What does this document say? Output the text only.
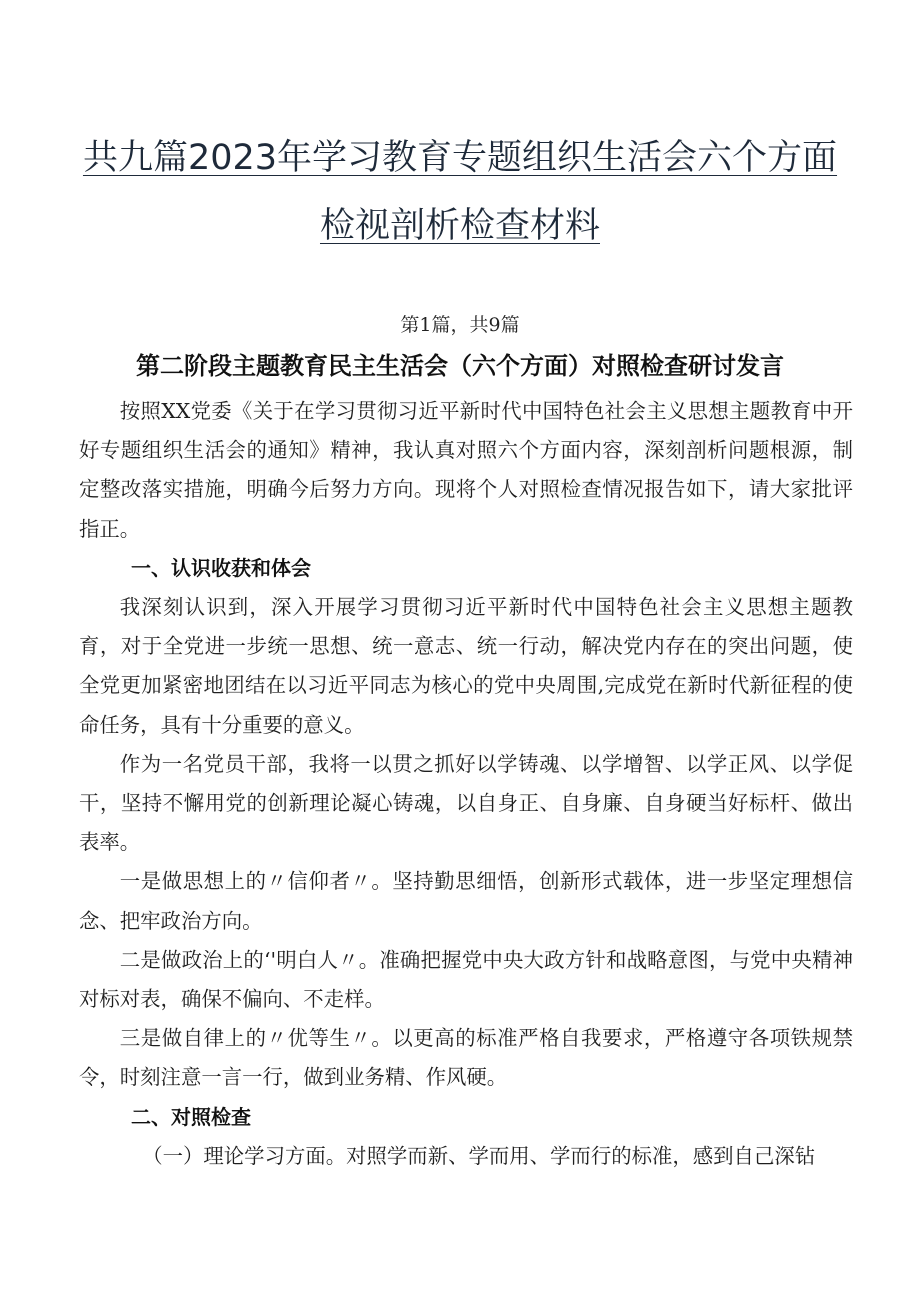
共九篇2023年学习教育专题组织生活会六个方面
检视剖析检查材料
第1篇，共9篇
第二阶段主题教育民主生活会（六个方面）对照检查研讨发言

按照XX党委《关于在学习贯彻习近平新时代中国特色社会主义思想主题教育中开好专题组织生活会的通知》精神，我认真对照六个方面内容，深刻剖析问题根源，制定整改落实措施，明确今后努力方向。现将个人对照检查情况报告如下，请大家批评指正。

一、认识收获和体会

我深刻认识到，深入开展学习贯彻习近平新时代中国特色社会主义思想主题教育，对于全党进一步统一思想、统一意志、统一行动，解决党内存在的突出问题，使全党更加紧密地团结在以习近平同志为核心的党中央周围,完成党在新时代新征程的使命任务，具有十分重要的意义。

作为一名党员干部，我将一以贯之抓好以学铸魂、以学增智、以学正风、以学促干，坚持不懈用党的创新理论凝心铸魂，以自身正、自身廉、自身硬当好标杆、做出表率。

一是做思想上的〃信仰者〃。坚持勤思细悟，创新形式载体，进一步坚定理想信念、把牢政治方向。

二是做政治上的‘'明白人〃。准确把握党中央大政方针和战略意图，与党中央精神对标对表，确保不偏向、不走样。

三是做自律上的〃优等生〃。以更高的标准严格自我要求，严格遵守各项铁规禁令，时刻注意一言一行，做到业务精、作风硬。

二、对照检查

（一）理论学习方面。对照学而新、学而用、学而行的标准，感到自己深钻
